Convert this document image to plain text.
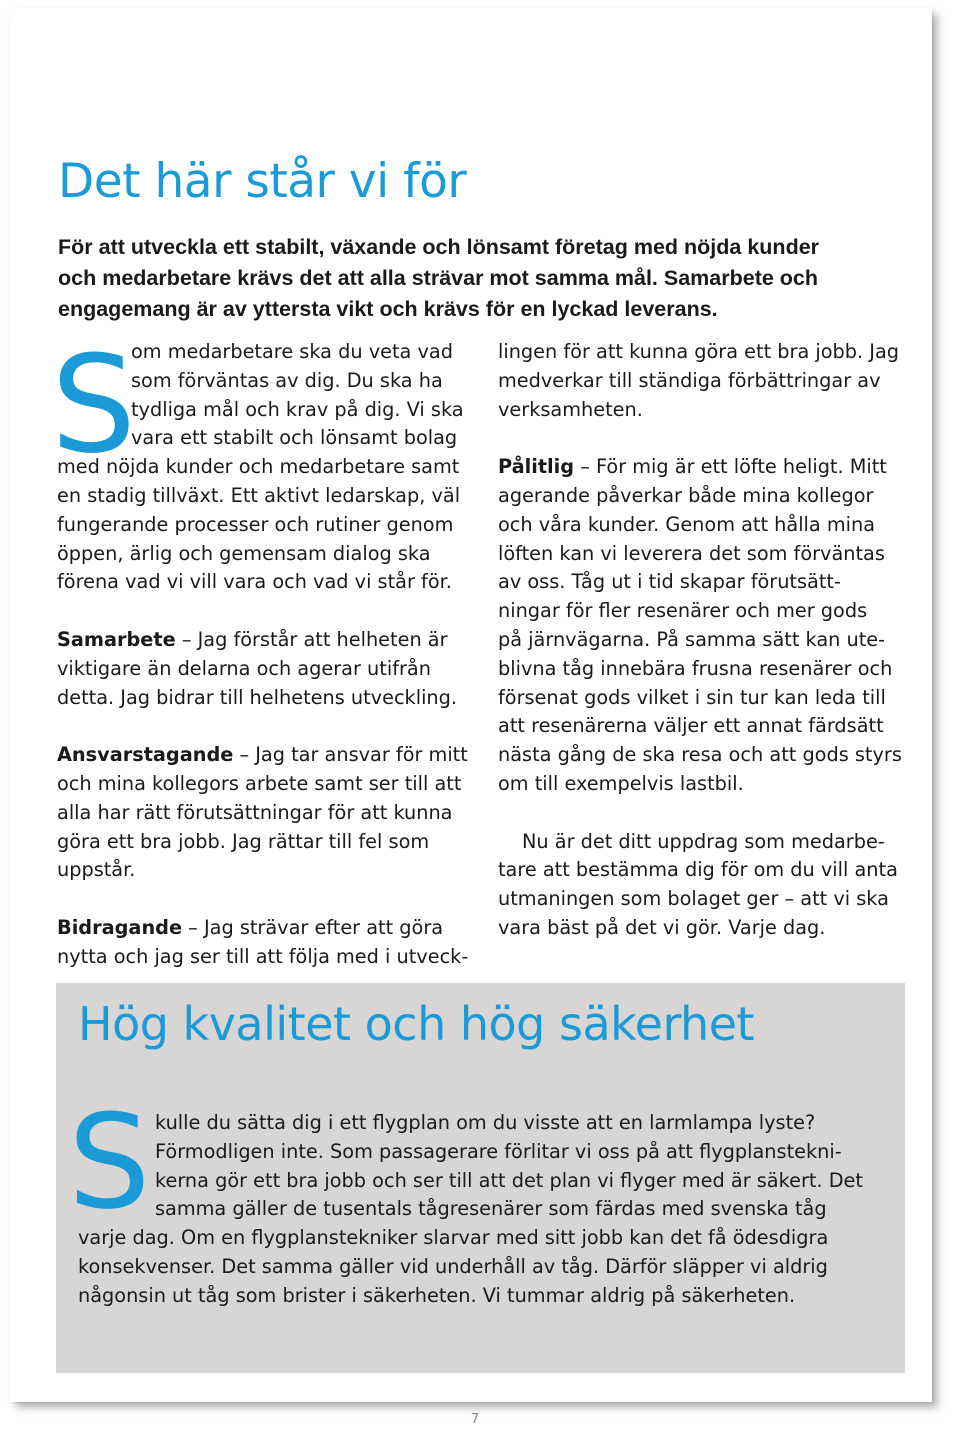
Det här står vi för

För att utveckla ett stabilt, växande och lönsamt företag med nöjda kunder
och medarbetare krävs det att alla strävar mot samma mål. Samarbete och
engagemang är av yttersta vikt och krävs för en lyckad leverans.

S

om medarbetare ska du veta vad
som förväntas av dig. Du ska ha
tydliga mål och krav på dig. Vi ska
vara ett stabilt och lönsamt bolag
med nöjda kunder och medarbetare samt
en stadig tillväxt. Ett aktivt ledarskap, väl
fungerande processer och rutiner genom
öppen, ärlig och gemensam dialog ska
förena vad vi vill vara och vad vi står för.

Samarbete – Jag förstår att helheten är
viktigare än delarna och agerar utifrån
detta. Jag bidrar till helhetens utveckling.

Ansvarstagande – Jag tar ansvar för mitt
och mina kollegors arbete samt ser till att
alla har rätt förutsättningar för att kunna
göra ett bra jobb. Jag rättar till fel som
uppstår.

Bidragande – Jag strävar efter att göra
nytta och jag ser till att följa med i utveck-

lingen för att kunna göra ett bra jobb. Jag
medverkar till ständiga förbättringar av
verksamheten.

Pålitlig – För mig är ett löfte heligt. Mitt
agerande påverkar både mina kollegor
och våra kunder. Genom att hålla mina
löften kan vi leverera det som förväntas
av oss. Tåg ut i tid skapar förutsätt-
ningar för fler resenärer och mer gods
på järnvägarna. På samma sätt kan ute-
blivna tåg innebära frusna resenärer och
försenat gods vilket i sin tur kan leda till
att resenärerna väljer ett annat färdsätt
nästa gång de ska resa och att gods styrs
om till exempelvis lastbil.

Nu är det ditt uppdrag som medarbe-
tare att bestämma dig för om du vill anta
utmaningen som bolaget ger – att vi ska
vara bäst på det vi gör. Varje dag.

Hög kvalitet och hög säkerhet
S kulle du sätta dig i ett flygplan om du visste att en larmlampa lyste?
Förmodligen inte. Som passagerare förlitar vi oss på att flygplanstekni-
kerna gör ett bra jobb och ser till att det plan vi flyger med är säkert. Det
samma gäller de tusentals tågresenärer som färdas med svenska tåg
varje dag. Om en flygplanstekniker slarvar med sitt jobb kan det få ödesdigra
konsekvenser. Det samma gäller vid underhåll av tåg. Därför släpper vi aldrig
någonsin ut tåg som brister i säkerheten. Vi tummar aldrig på säkerheten.
7
